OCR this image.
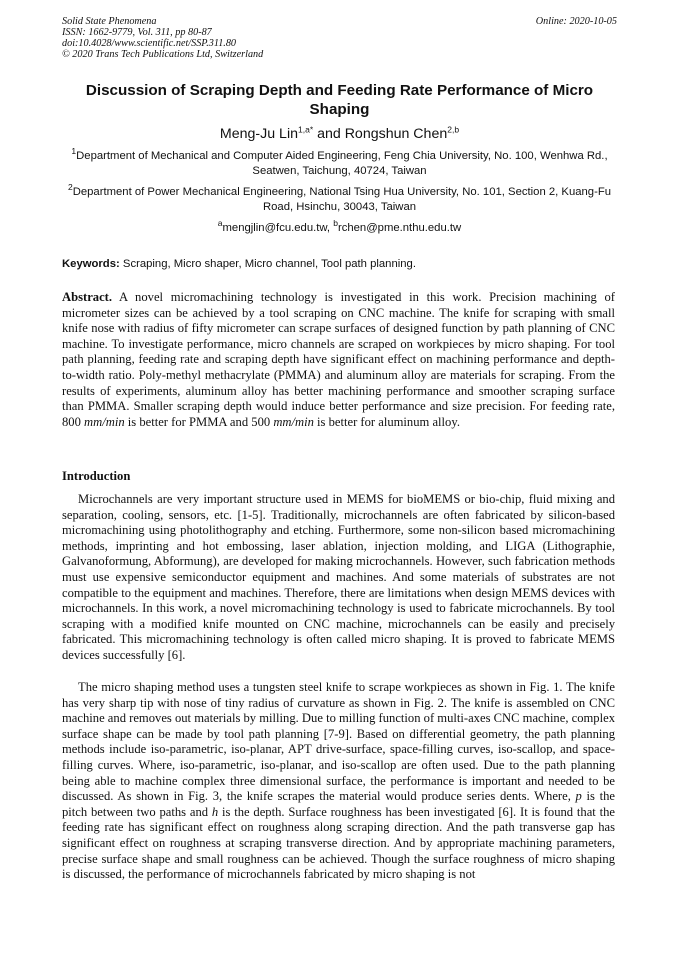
Solid State Phenomena
ISSN: 1662-9779, Vol. 311, pp 80-87
doi:10.4028/www.scientific.net/SSP.311.80
© 2020 Trans Tech Publications Ltd, Switzerland
Online: 2020-10-05
Discussion of Scraping Depth and Feeding Rate Performance of Micro Shaping
Meng-Ju Lin$^{1,a*}$ and Rongshun Chen$^{2,b}$
$^1$Department of Mechanical and Computer Aided Engineering, Feng Chia University, No. 100, Wenhwa Rd., Seatwen, Taichung, 40724, Taiwan
$^2$Department of Power Mechanical Engineering, National Tsing Hua University, No. 101, Section 2, Kuang-Fu Road, Hsinchu, 30043, Taiwan
$^a$mengjlin@fcu.edu.tw, $^b$rchen@pme.nthu.edu.tw
Keywords: Scraping, Micro shaper, Micro channel, Tool path planning.
Abstract. A novel micromachining technology is investigated in this work. Precision machining of micrometer sizes can be achieved by a tool scraping on CNC machine. The knife for scraping with small knife nose with radius of fifty micrometer can scrape surfaces of designed function by path planning of CNC machine. To investigate performance, micro channels are scraped on workpieces by micro shaping. For tool path planning, feeding rate and scraping depth have significant effect on machining performance and depth-to-width ratio. Poly-methyl methacrylate (PMMA) and aluminum alloy are materials for scraping. From the results of experiments, aluminum alloy has better machining performance and smoother scraping surface than PMMA. Smaller scraping depth would induce better performance and size precision. For feeding rate, 800 mm/min is better for PMMA and 500 mm/min is better for aluminum alloy.
Introduction
Microchannels are very important structure used in MEMS for bioMEMS or bio-chip, fluid mixing and separation, cooling, sensors, etc. [1-5]. Traditionally, microchannels are often fabricated by silicon-based micromachining using photolithography and etching. Furthermore, some non-silicon based micromachining methods, imprinting and hot embossing, laser ablation, injection molding, and LIGA (Lithographie, Galvanoformung, Abformung), are developed for making microchannels. However, such fabrication methods must use expensive semiconductor equipment and machines. And some materials of substrates are not compatible to the equipment and machines. Therefore, there are limitations when design MEMS devices with microchannels. In this work, a novel micromachining technology is used to fabricate microchannels. By tool scraping with a modified knife mounted on CNC machine, microchannels can be easily and precisely fabricated. This micromachining technology is often called micro shaping. It is proved to fabricate MEMS devices successfully [6].
The micro shaping method uses a tungsten steel knife to scrape workpieces as shown in Fig. 1. The knife has very sharp tip with nose of tiny radius of curvature as shown in Fig. 2. The knife is assembled on CNC machine and removes out materials by milling. Due to milling function of multi-axes CNC machine, complex surface shape can be made by tool path planning [7-9]. Based on differential geometry, the path planning methods include iso-parametric, iso-planar, APT drive-surface, space-filling curves, iso-scallop, and space-filling curves. Where, iso-parametric, iso-planar, and iso-scallop are often used. Due to the path planning being able to machine complex three dimensional surface, the performance is important and needed to be discussed. As shown in Fig. 3, the knife scrapes the material would produce series dents. Where, p is the pitch between two paths and h is the depth. Surface roughness has been investigated [6]. It is found that the feeding rate has significant effect on roughness along scraping direction. And the path transverse gap has significant effect on roughness at scraping transverse direction. And by appropriate machining parameters, precise surface shape and small roughness can be achieved. Though the surface roughness of micro shaping is discussed, the performance of microchannels fabricated by micro shaping is not
